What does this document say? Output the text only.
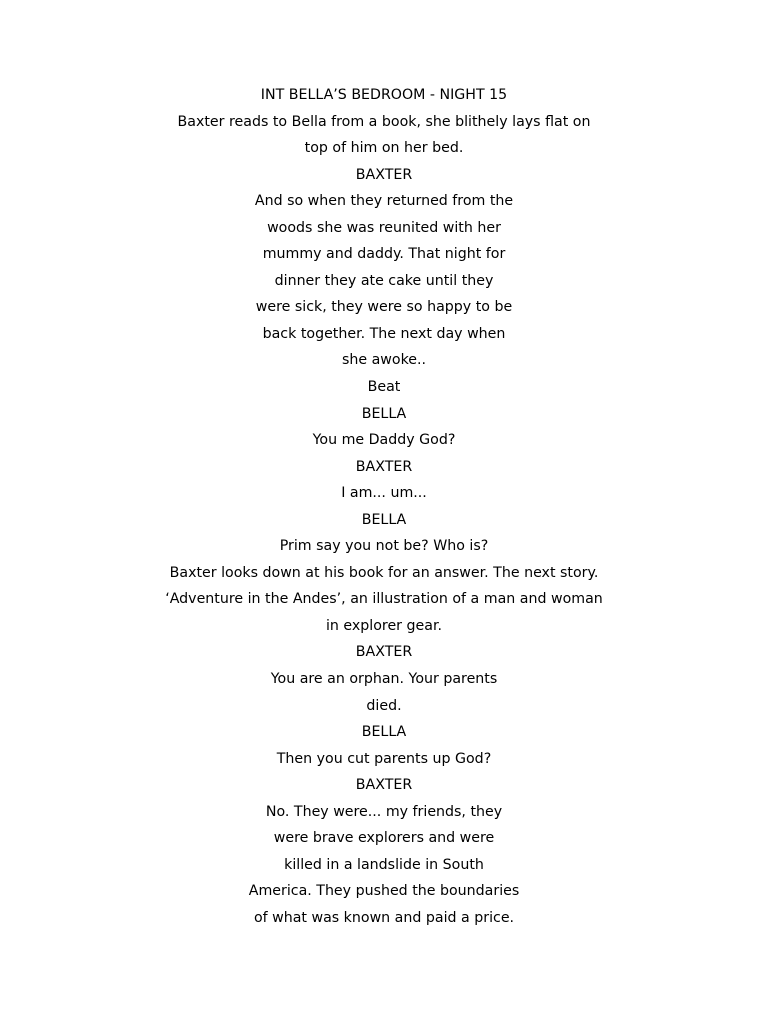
INT BELLA’S BEDROOM - NIGHT 15
Baxter reads to Bella from a book, she blithely lays flat on
top of him on her bed.
BAXTER
And so when they returned from the
woods she was reunited with her
mummy and daddy. That night for
dinner they ate cake until they
were sick, they were so happy to be
back together. The next day when
she awoke..
Beat
BELLA
You me Daddy God?
BAXTER
I am... um...
BELLA
Prim say you not be? Who is?
Baxter looks down at his book for an answer. The next story.
‘Adventure in the Andes’, an illustration of a man and woman
in explorer gear.
BAXTER
You are an orphan. Your parents
died.
BELLA
Then you cut parents up God?
BAXTER
No. They were... my friends, they
were brave explorers and were
killed in a landslide in South
America. They pushed the boundaries
of what was known and paid a price.
